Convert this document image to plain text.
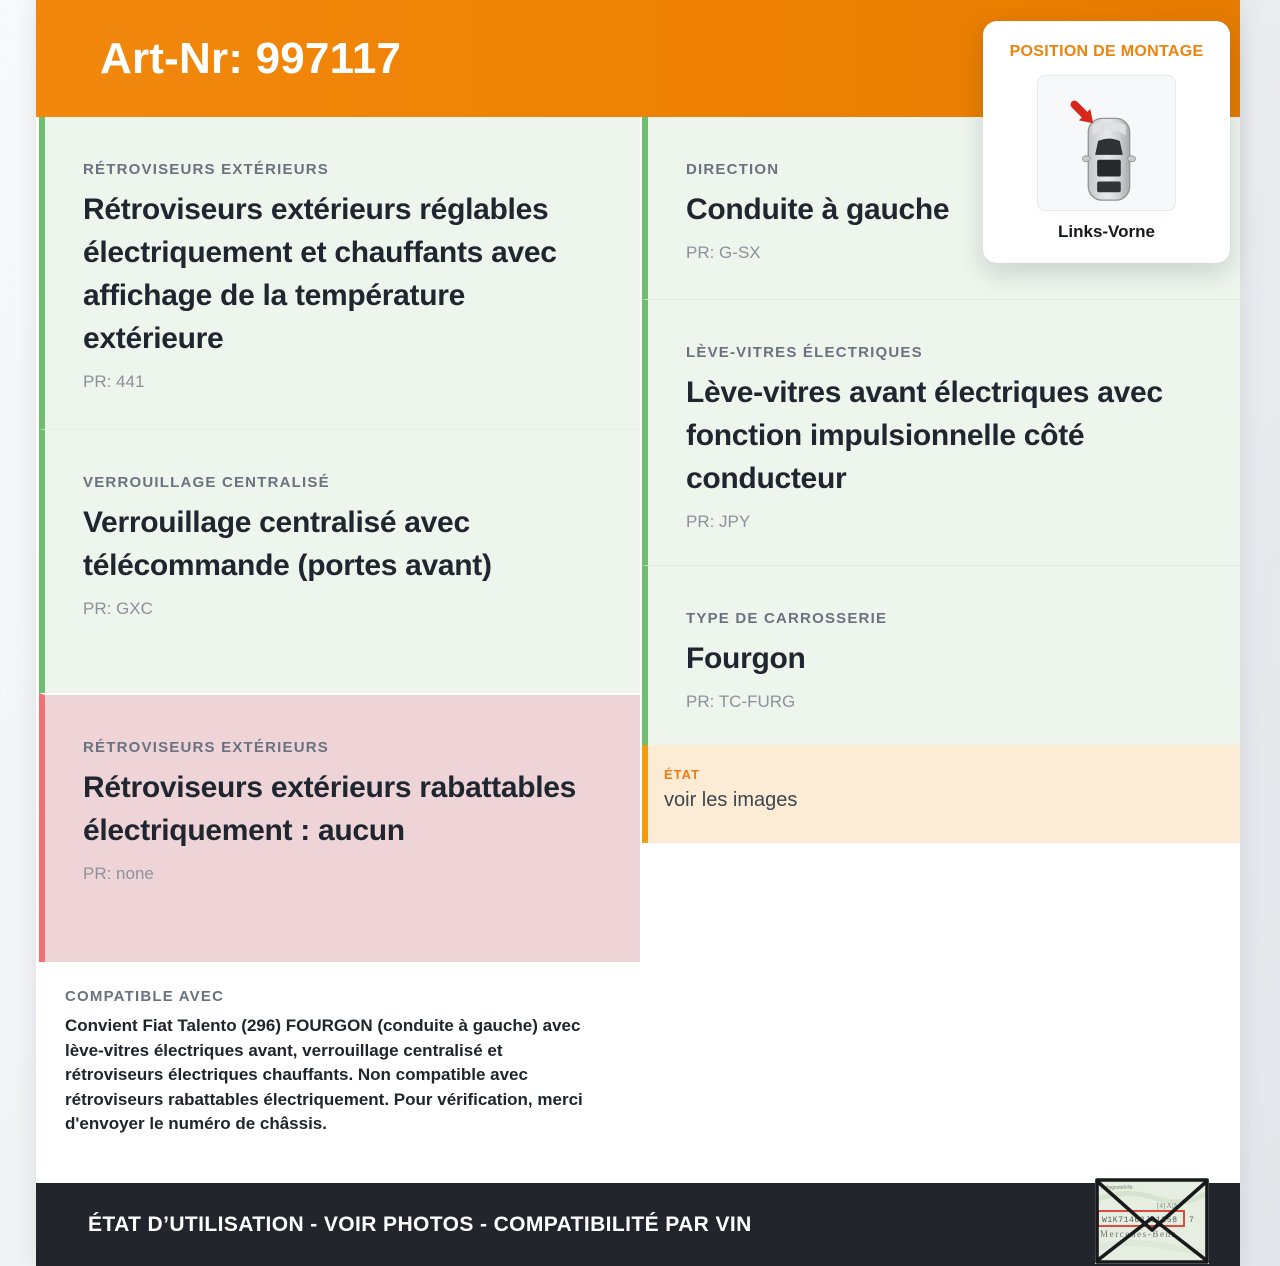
Art-Nr: 997117
RÉTROVISEURS EXTÉRIEURS
Rétroviseurs extérieurs réglables électriquement et chauffants avec affichage de la température extérieure
PR: 441
VERROUILLAGE CENTRALISÉ
Verrouillage centralisé avec télécommande (portes avant)
PR: GXC
RÉTROVISEURS EXTÉRIEURS
Rétroviseurs extérieurs rabattables électriquement : aucun
PR: none
COMPATIBLE AVEC

Convient Fiat Talento (296) FOURGON (conduite à gauche) avec lève-vitres électriques avant, verrouillage centralisé et rétroviseurs électriques chauffants. Non compatible avec rétroviseurs rabattables électriquement. Pour vérification, merci d'envoyer le numéro de châssis.

DIRECTION
Conduite à gauche
PR: G-SX
LÈVE-VITRES ÉLECTRIQUES
Lève-vitres avant électriques avec fonction impulsionnelle côté conducteur
PR: JPY
TYPE DE CARROSSERIE
Fourgon
PR: TC-FURG
ÉTAT
voir les images
ÉTAT D’UTILISATION - VOIR PHOTOS - COMPATIBILITÉ PAR VIN
POSITION DE MONTAGE
Links-Vorne
Fahrgestell-Nr.
[4] A|A
W1K71463J31258 7
Mercedes-Benz
